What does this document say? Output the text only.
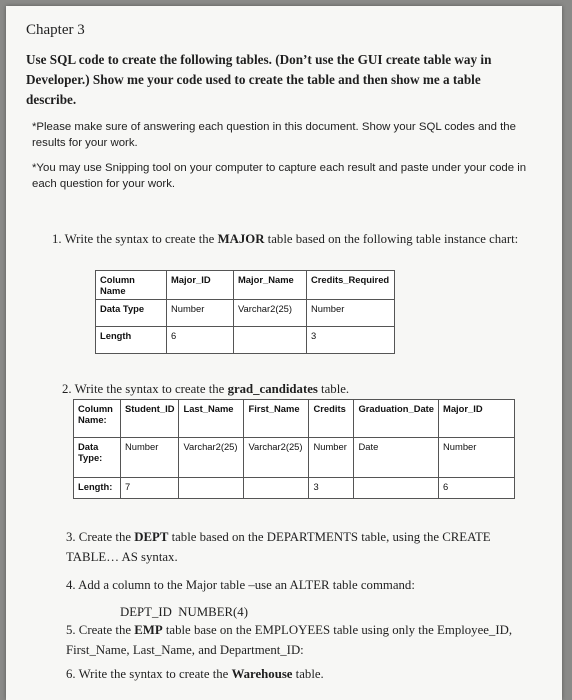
Chapter 3
Use SQL code to create the following tables. (Don’t use the GUI create table way in Developer.) Show me your code used to create the table and then show me a table describe.
*Please make sure of answering each question in this document. Show your SQL codes and the results for your work.
*You may use Snipping tool on your computer to capture each result and paste under your code in each question for your work.
1. Write the syntax to create the MAJOR table based on the following table instance chart:
Column Name	Major_ID	Major_Name	Credits_Required
Data Type	Number	Varchar2(25)	Number
Length	6		3
2. Write the syntax to create the grad_candidates table.
Column Name:	Student_ID	Last_Name	First_Name	Credits	Graduation_Date	Major_ID
Data Type:	Number	Varchar2(25)	Varchar2(25)	Number	Date	Number
Length:	7			3		6
3. Create the DEPT table based on the DEPARTMENTS table, using the CREATE TABLE… AS syntax.
4. Add a column to the Major table –use an ALTER table command:
DEPT_ID  NUMBER(4)
5. Create the EMP table base on the EMPLOYEES table using only the Employee_ID, First_Name, Last_Name, and Department_ID:
6. Write the syntax to create the Warehouse table.
